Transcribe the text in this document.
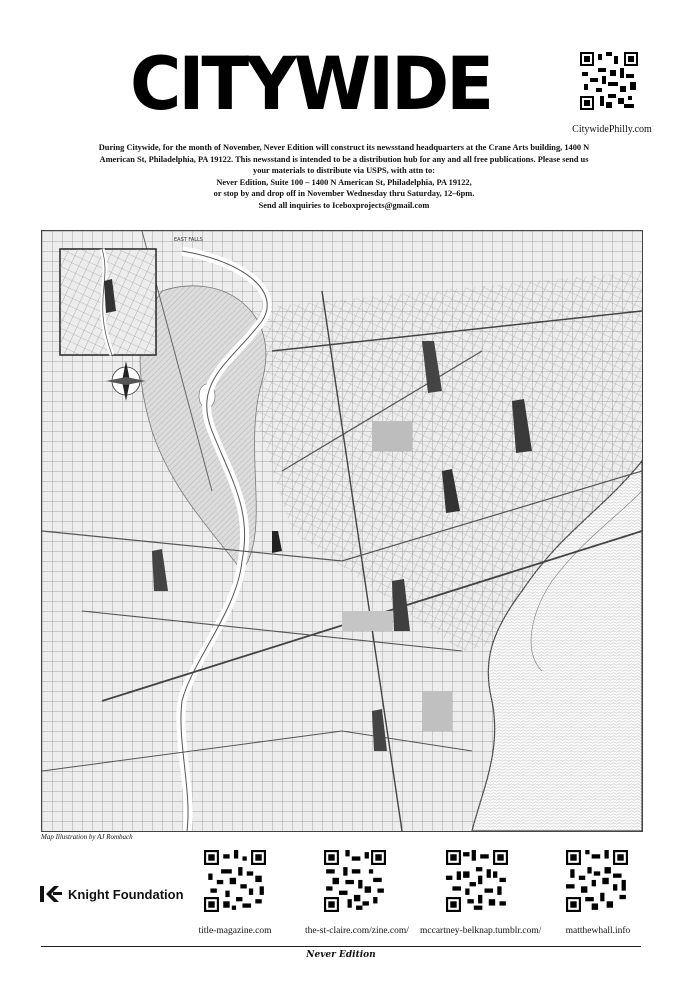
CITYWIDE
CitywidePhilly.com
During Citywide, for the month of November, Never Edition will construct its newsstand headquarters at the Crane Arts building, 1400 N
American St, Philadelphia, PA 19122. This newsstand is intended to be a distribution hub for any and all free publications. Please send us
your materials to distribute via USPS, with attn to:
Never Edition, Suite 100 – 1400 N American St, Philadelphia, PA 19122,
or stop by and drop off in November Wednesday thru Saturday, 12–6pm.
Send all inquiries to Iceboxprojects@gmail.com
EAST FALLS
Map Illustration by AJ Rombach
Knight Foundation
title-magazine.com	the-st-claire.com/zine.com/ mccartney-belknap.tumblr.com/	matthewhall.info
Never Edition
